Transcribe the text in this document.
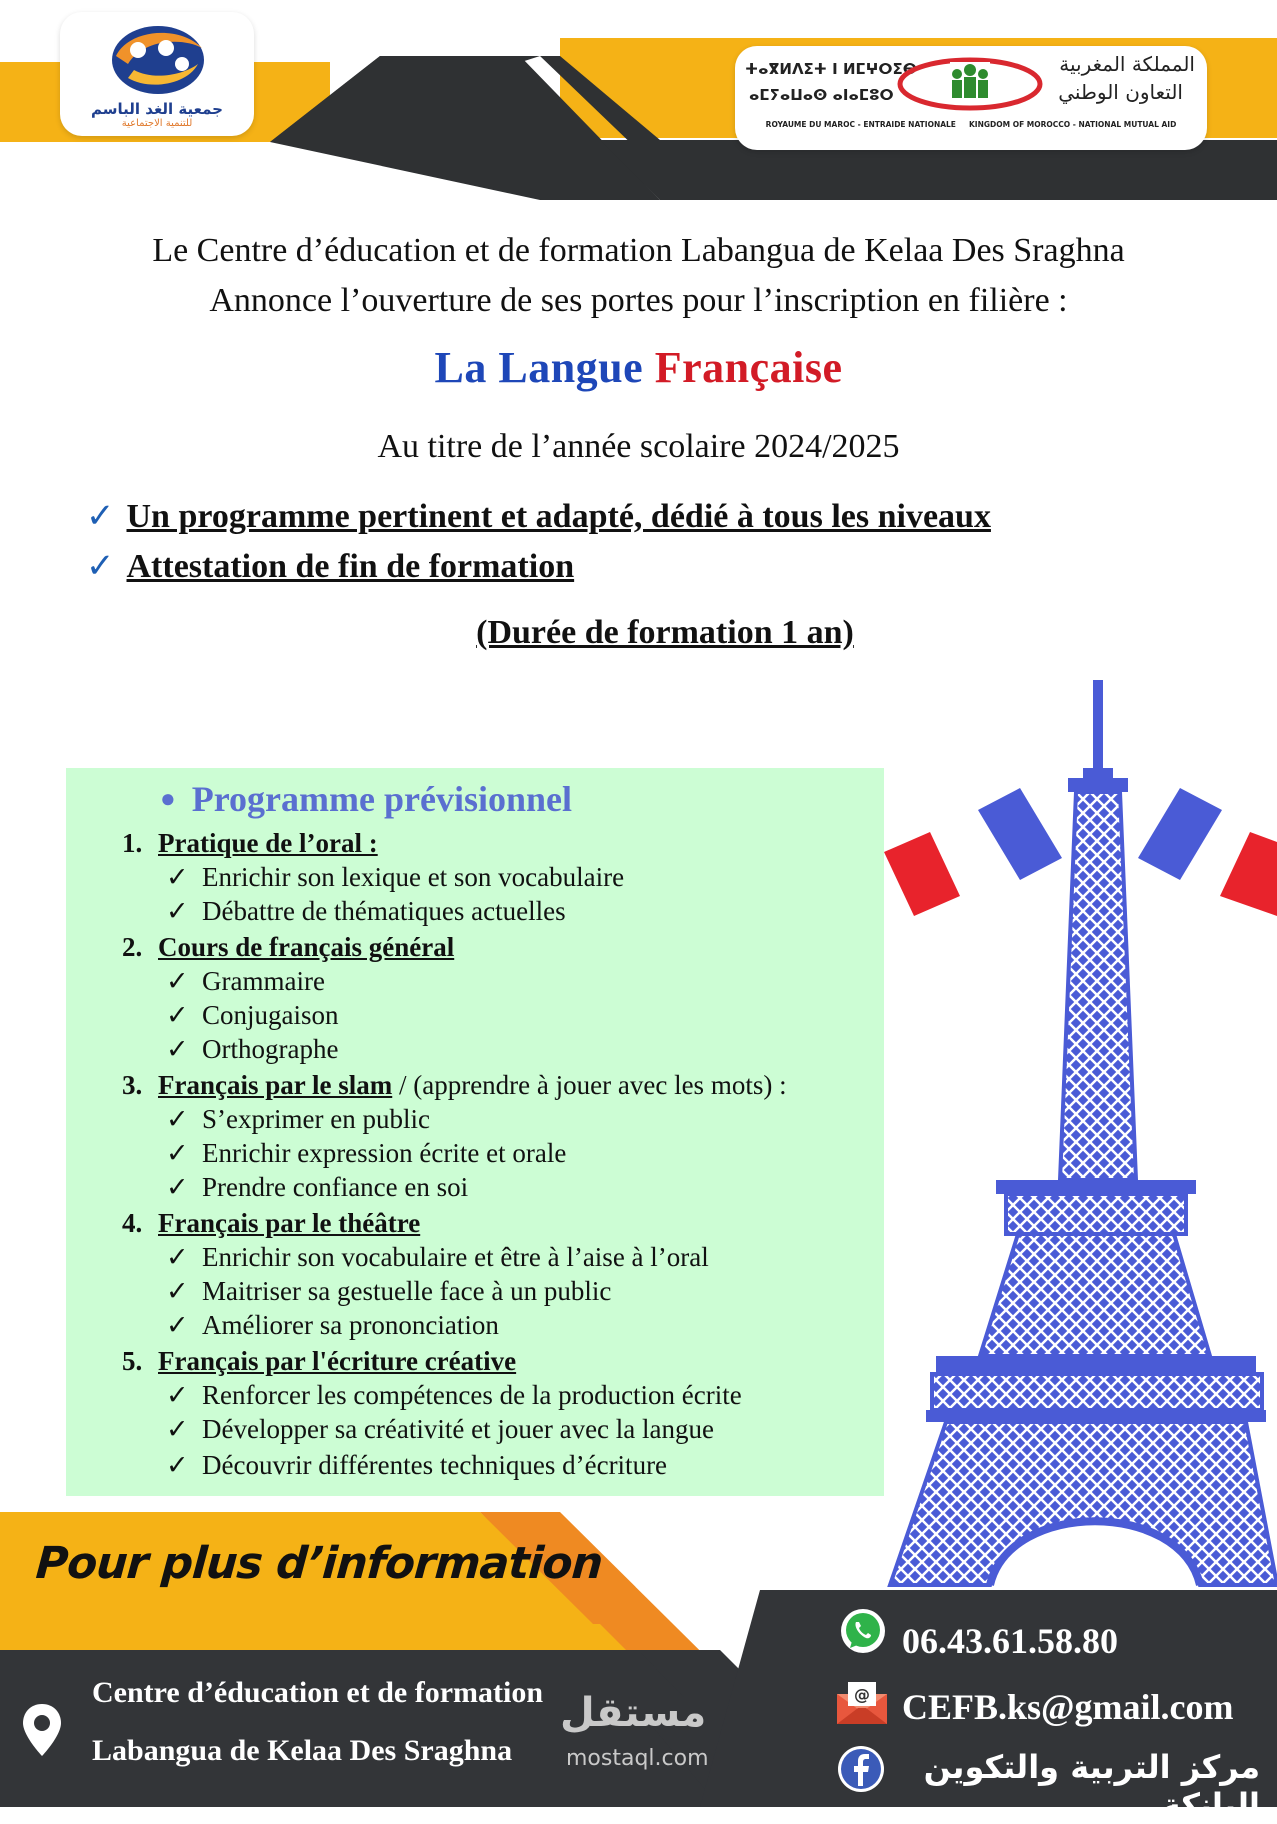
جمعية الغد الباسم
للتنمية الاجتماعية
ⵜⴰⴳⵍⴷⵉⵜ ⵏ ⵍⵎⵖⵔⵉⴱ
ⴰⵎⵢⴰⵡⴰⵙ ⴰⵏⴰⵎⵓⵔ
المملكة المغربية
التعاون الوطني
ROYAUME DU MAROC - ENTRAIDE NATIONALE     KINGDOM OF MOROCCO - NATIONAL MUTUAL AID
Le Centre d’éducation et de formation Labangua de Kelaa Des Sraghna
Annonce l’ouverture de ses portes pour l’inscription en filière :
La Langue Française
Au titre de l’année scolaire 2024/2025
✓ Un programme pertinent et adapté, dédié à tous les niveaux
✓ Attestation de fin de formation
(Durée de formation 1 an)
● Programme prévisionnel
1. Pratique de l’oral :
✓ Enrichir son lexique et son vocabulaire
✓ Débattre de thématiques actuelles
2. Cours de français général
✓ Grammaire
✓ Conjugaison
✓ Orthographe
3. Français par le slam / (apprendre à jouer avec les mots) :
✓ S’exprimer en public
✓ Enrichir expression écrite et orale
✓ Prendre confiance en soi
4. Français par le théâtre
✓ Enrichir son vocabulaire et être à l’aise à l’oral
✓ Maitriser sa gestuelle face à un public
✓ Améliorer sa prononciation
5. Français par l'écriture créative
✓ Renforcer les compétences de la production écrite
✓ Développer sa créativité et jouer avec la langue
✓ Découvrir différentes techniques d’écriture
Pour plus d’information
Centre d’éducation et de formation
Labangua de Kelaa Des Sraghna
مستقل
mostaql.com
06.43.61.58.80
@ CEFB.ks@gmail.com
مركز التربية والتكوين البانكة
